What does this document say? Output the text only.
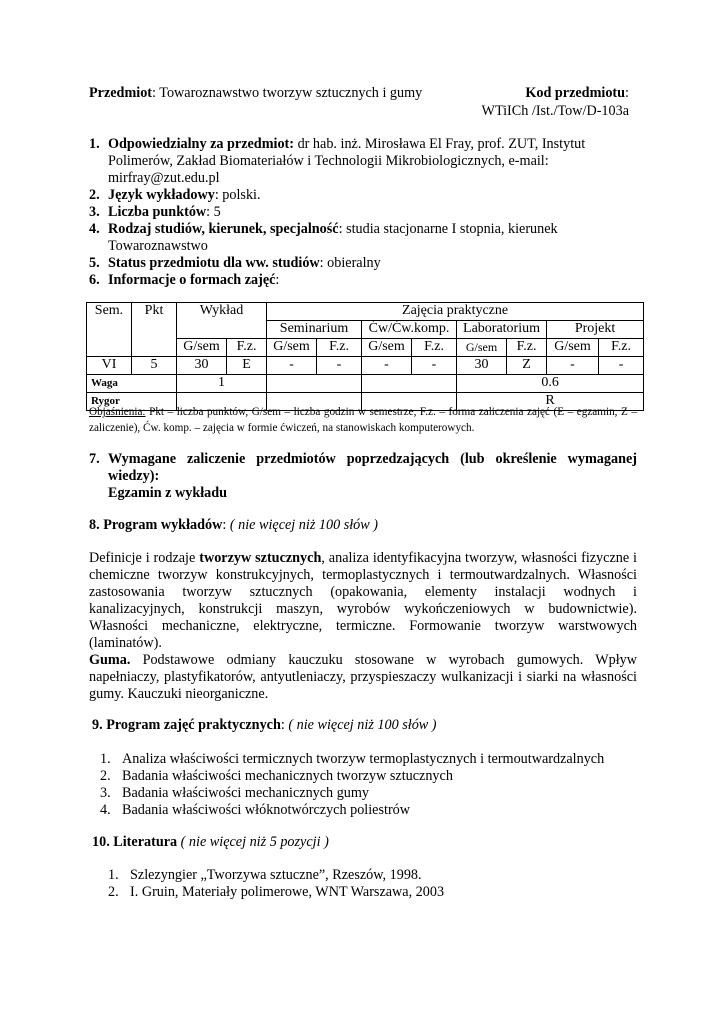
Przedmiot: Towaroznawstwo tworzyw sztucznych i gumy	Kod przedmiotu:
WTiICh /Ist./Tow/D-103a
1. Odpowiedzialny za przedmiot: dr hab. inż. Mirosława El Fray, prof. ZUT, Instytut Polimerów, Zakład Biomateriałów i Technologii Mikrobiologicznych, e-mail: mirfray@zut.edu.pl
2. Język wykładowy: polski.
3. Liczba punktów: 5
4. Rodzaj studiów, kierunek, specjalność: studia stacjonarne I stopnia, kierunek Towaroznawstwo
5. Status przedmiotu dla ww. studiów: obieralny
6. Informacje o formach zajęć:
Sem.	Pkt	Wykład		Zajęcia praktyczne							
				Seminarium		Ćw/Ćw.komp.		Laboratorium		Projekt	
		G/sem	F.z.	G/sem	F.z.	G/sem	F.z.	G/sem	F.z.	G/sem	F.z.
VI	5	30	E	-	-	-	-	30	Z	-	-
Waga		1						0.6			
Rygor								R			
Objaśnienia: Pkt – liczba punktów, G/sem – liczba godzin w semestrze, F.z. – forma zaliczenia zajęć (E – egzamin, Z – zaliczenie), Ćw. komp. – zajęcia w formie ćwiczeń, na stanowiskach komputerowych.
7. Wymagane zaliczenie przedmiotów poprzedzających (lub określenie wymaganej wiedzy):
Egzamin z wykładu
8. Program wykładów: ( nie więcej niż 100 słów )
Definicje i rodzaje tworzyw sztucznych, analiza identyfikacyjna tworzyw, własności fizyczne i chemiczne tworzyw konstrukcyjnych, termoplastycznych i termoutwardzalnych. Własności zastosowania tworzyw sztucznych (opakowania, elementy instalacji wodnych i kanalizacyjnych, konstrukcji maszyn, wyrobów wykończeniowych w budownictwie). Własności mechaniczne, elektryczne, termiczne. Formowanie tworzyw warstwowych (laminatów).
Guma. Podstawowe odmiany kauczuku stosowane w wyrobach gumowych. Wpływ napełniaczy, plastyfikatorów, antyutleniaczy, przyspieszaczy wulkanizacji i siarki na własności gumy. Kauczuki nieorganiczne.
9. Program zajęć praktycznych: ( nie więcej niż 100 słów )
1. Analiza właściwości termicznych tworzyw termoplastycznych i termoutwardzalnych
2. Badania właściwości mechanicznych tworzyw sztucznych
3. Badania właściwości mechanicznych gumy
4. Badania właściwości włóknotwórczych poliestrów
10. Literatura ( nie więcej niż 5 pozycji )
1. Szlezyngier „Tworzywa sztuczne”, Rzeszów, 1998.
2. I. Gruin, Materiały polimerowe, WNT Warszawa, 2003
